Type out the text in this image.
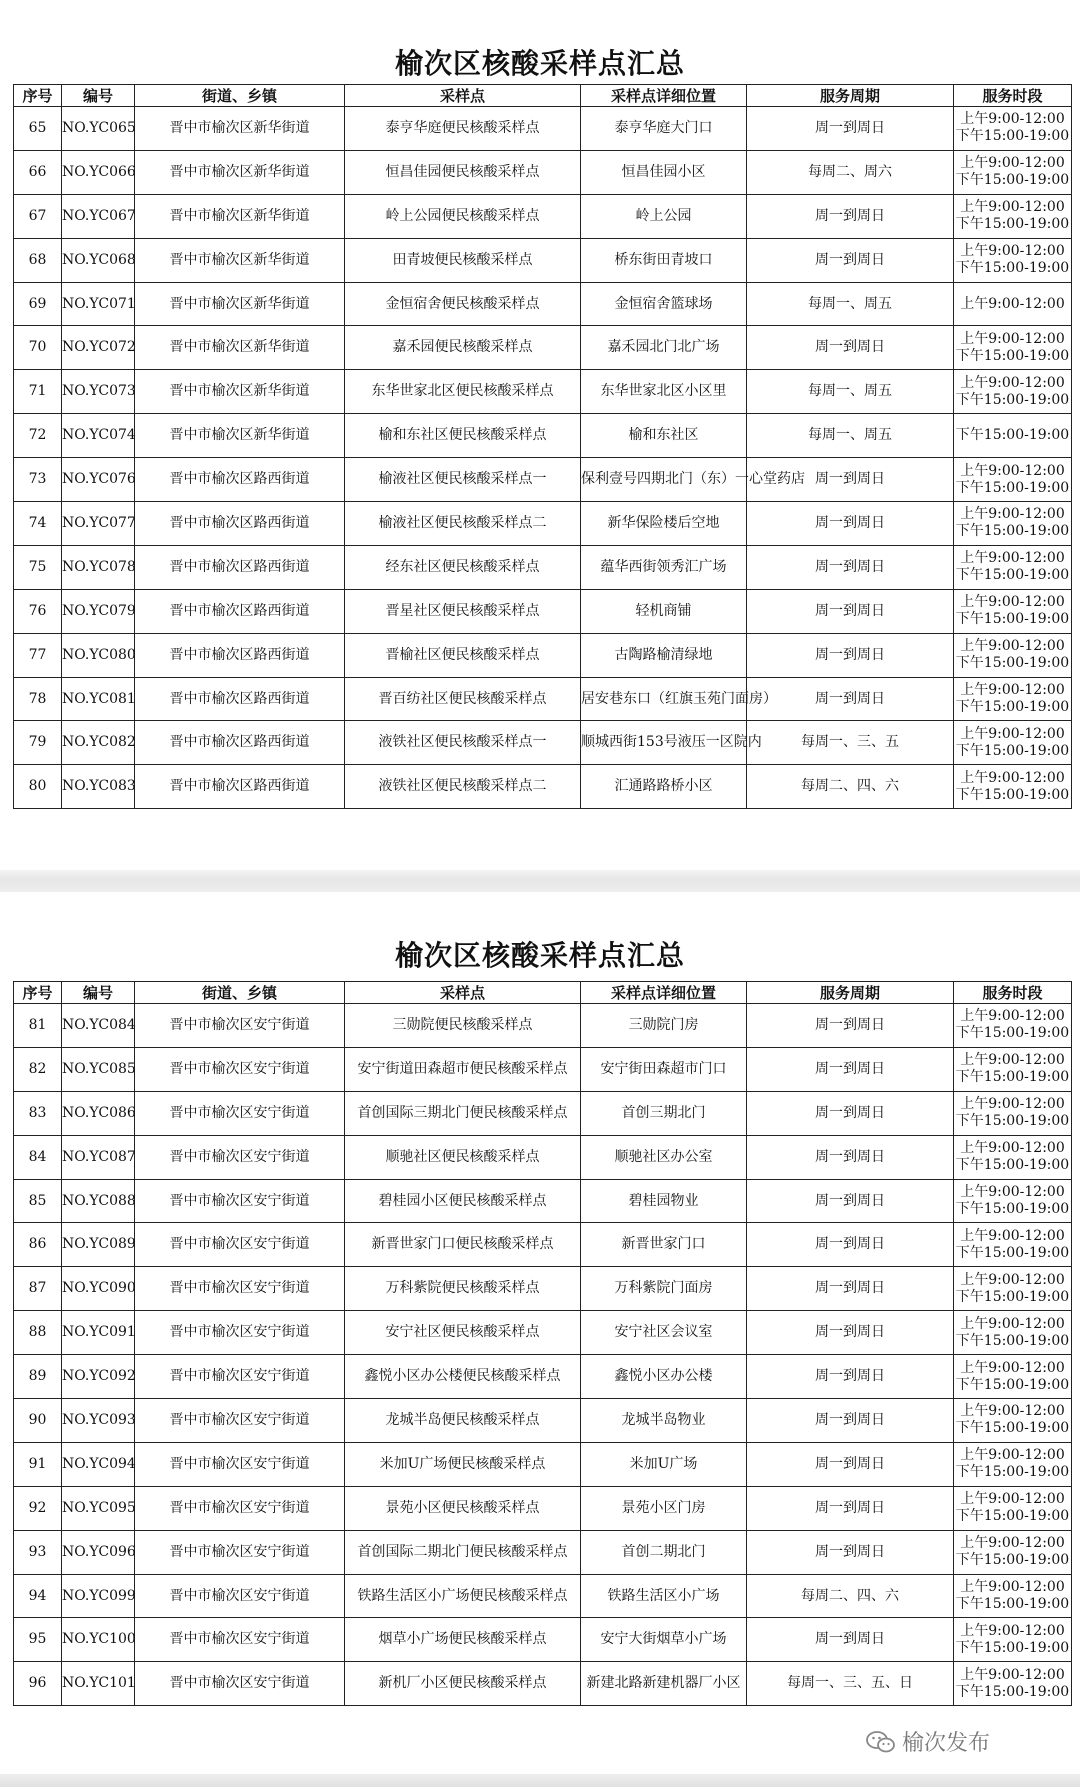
榆次区核酸采样点汇总
序号	编号	街道、乡镇	采样点	采样点详细位置	服务周期	服务时段
65	NO.YC065	晋中市榆次区新华街道	泰亨华庭便民核酸采样点	泰亨华庭大门口	周一到周日	上午9:00-12:00
下午15:00-19:00

66	NO.YC066	晋中市榆次区新华街道	恒昌佳园便民核酸采样点	恒昌佳园小区	每周二、周六	上午9:00-12:00
下午15:00-19:00

67	NO.YC067	晋中市榆次区新华街道	岭上公园便民核酸采样点	岭上公园	周一到周日	上午9:00-12:00
下午15:00-19:00

68	NO.YC068	晋中市榆次区新华街道	田青坡便民核酸采样点	桥东街田青坡口	周一到周日	上午9:00-12:00
下午15:00-19:00

69	NO.YC071	晋中市榆次区新华街道	金恒宿舍便民核酸采样点	金恒宿舍篮球场	每周一、周五	上午9:00-12:00

70	NO.YC072	晋中市榆次区新华街道	嘉禾园便民核酸采样点	嘉禾园北门北广场	周一到周日	上午9:00-12:00
下午15:00-19:00

71	NO.YC073	晋中市榆次区新华街道	东华世家北区便民核酸采样点	东华世家北区小区里	每周一、周五	上午9:00-12:00
下午15:00-19:00

72	NO.YC074	晋中市榆次区新华街道	榆和东社区便民核酸采样点	榆和东社区	每周一、周五	下午15:00-19:00

73	NO.YC076	晋中市榆次区路西街道	榆液社区便民核酸采样点一	保利壹号四期北门（东）一心堂药店	周一到周日	上午9:00-12:00
下午15:00-19:00

74	NO.YC077	晋中市榆次区路西街道	榆液社区便民核酸采样点二	新华保险楼后空地	周一到周日	上午9:00-12:00
下午15:00-19:00

75	NO.YC078	晋中市榆次区路西街道	经东社区便民核酸采样点	蕴华西街领秀汇广场	周一到周日	上午9:00-12:00
下午15:00-19:00

76	NO.YC079	晋中市榆次区路西街道	晋星社区便民核酸采样点	轻机商铺	周一到周日	上午9:00-12:00
下午15:00-19:00

77	NO.YC080	晋中市榆次区路西街道	晋榆社区便民核酸采样点	古陶路榆清绿地	周一到周日	上午9:00-12:00
下午15:00-19:00

78	NO.YC081	晋中市榆次区路西街道	晋百纺社区便民核酸采样点	居安巷东口（红旗玉苑门面房）	周一到周日	上午9:00-12:00
下午15:00-19:00

79	NO.YC082	晋中市榆次区路西街道	液铁社区便民核酸采样点一	顺城西街153号液压一区院内	每周一、三、五	上午9:00-12:00
下午15:00-19:00

80	NO.YC083	晋中市榆次区路西街道	液铁社区便民核酸采样点二	汇通路路桥小区	每周二、四、六	上午9:00-12:00
下午15:00-19:00
榆次区核酸采样点汇总
序号	编号	街道、乡镇	采样点	采样点详细位置	服务周期	服务时段
81	NO.YC084	晋中市榆次区安宁街道	三勋院便民核酸采样点	三勋院门房	周一到周日	上午9:00-12:00
下午15:00-19:00

82	NO.YC085	晋中市榆次区安宁街道	安宁街道田森超市便民核酸采样点	安宁街田森超市门口	周一到周日	上午9:00-12:00
下午15:00-19:00

83	NO.YC086	晋中市榆次区安宁街道	首创国际三期北门便民核酸采样点	首创三期北门	周一到周日	上午9:00-12:00
下午15:00-19:00

84	NO.YC087	晋中市榆次区安宁街道	顺驰社区便民核酸采样点	顺驰社区办公室	周一到周日	上午9:00-12:00
下午15:00-19:00

85	NO.YC088	晋中市榆次区安宁街道	碧桂园小区便民核酸采样点	碧桂园物业	周一到周日	上午9:00-12:00
下午15:00-19:00

86	NO.YC089	晋中市榆次区安宁街道	新晋世家门口便民核酸采样点	新晋世家门口	周一到周日	上午9:00-12:00
下午15:00-19:00

87	NO.YC090	晋中市榆次区安宁街道	万科紫院便民核酸采样点	万科紫院门面房	周一到周日	上午9:00-12:00
下午15:00-19:00

88	NO.YC091	晋中市榆次区安宁街道	安宁社区便民核酸采样点	安宁社区会议室	周一到周日	上午9:00-12:00
下午15:00-19:00

89	NO.YC092	晋中市榆次区安宁街道	鑫悦小区办公楼便民核酸采样点	鑫悦小区办公楼	周一到周日	上午9:00-12:00
下午15:00-19:00

90	NO.YC093	晋中市榆次区安宁街道	龙城半岛便民核酸采样点	龙城半岛物业	周一到周日	上午9:00-12:00
下午15:00-19:00

91	NO.YC094	晋中市榆次区安宁街道	米加U广场便民核酸采样点	米加U广场	周一到周日	上午9:00-12:00
下午15:00-19:00

92	NO.YC095	晋中市榆次区安宁街道	景苑小区便民核酸采样点	景苑小区门房	周一到周日	上午9:00-12:00
下午15:00-19:00

93	NO.YC096	晋中市榆次区安宁街道	首创国际二期北门便民核酸采样点	首创二期北门	周一到周日	上午9:00-12:00
下午15:00-19:00

94	NO.YC099	晋中市榆次区安宁街道	铁路生活区小广场便民核酸采样点	铁路生活区小广场	每周二、四、六	上午9:00-12:00
下午15:00-19:00

95	NO.YC100	晋中市榆次区安宁街道	烟草小广场便民核酸采样点	安宁大街烟草小广场	周一到周日	上午9:00-12:00
下午15:00-19:00

96	NO.YC101	晋中市榆次区安宁街道	新机厂小区便民核酸采样点	新建北路新建机器厂小区	每周一、三、五、日	上午9:00-12:00
下午15:00-19:00
榆次发布
